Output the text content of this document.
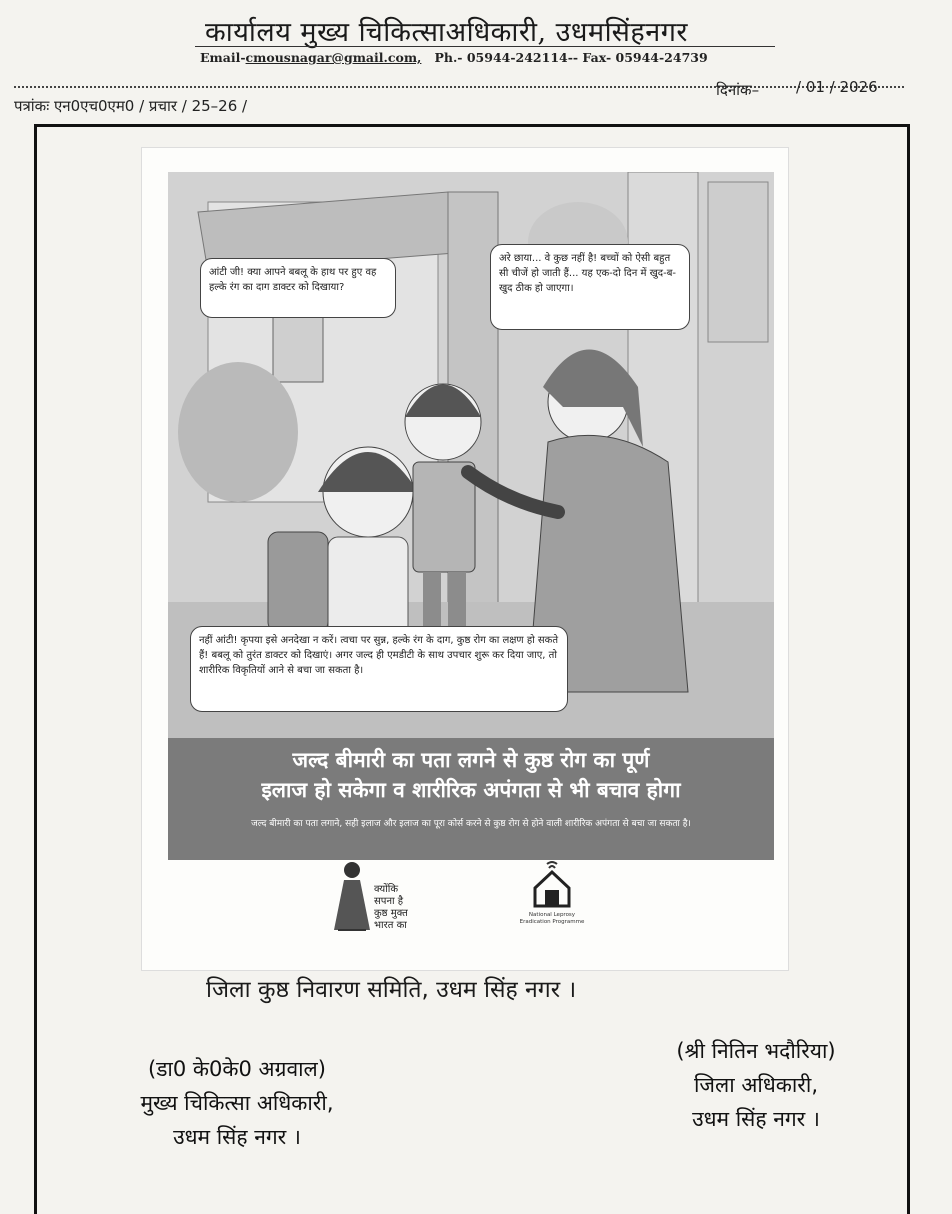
कार्यालय मुख्य चिकित्साअधिकारी, उधमसिंहनगर
Email-cmousnagar@gmail.com, Ph.- 05944-242114-- Fax- 05944-24739
पत्रांकः एन0एच0एम0 / प्रचार / 25–26 /
दिनांक– / 01 / 2026
आंटी जी! क्या आपने बबलू के हाथ पर हुए वह हल्के रंग का दाग डाक्टर को दिखाया?
अरे छाया... वे कुछ नहीं है! बच्चों को ऐसी बहुत सी चीजें हो जाती हैं... यह एक-दो दिन में खुद-ब-खुद ठीक हो जाएगा।
नहीं आंटी! कृपया इसे अनदेखा न करें। त्वचा पर सुन्न, हल्के रंग के दाग, कुष्ठ रोग का लक्षण हो सकते हैं! बबलू को तुरंत डाक्टर को दिखाएं। अगर जल्द ही एमडीटी के साथ उपचार शुरू कर दिया जाए, तो शारीरिक विकृतियों आने से बचा जा सकता है।
जल्द बीमारी का पता लगने से कुष्ठ रोग का पूर्ण
इलाज हो सकेगा व शारीरिक अपंगता से भी बचाव होगा
जल्द बीमारी का पता लगाने, सही इलाज और इलाज का पूरा कोर्स करने से कुष्ठ रोग से होने वाली शारीरिक अपंगता से बचा जा सकता है।
क्योंकि
सपना है
कुष्ठ मुक्त
भारत का
National Leprosy
Eradication Programme
जिला कुष्ठ निवारण समिति, उधम सिंह नगर ।
(डा0 के0के0 अग्रवाल)
मुख्य चिकित्सा अधिकारी,
उधम सिंह नगर ।
(श्री नितिन भदौरिया)
जिला अधिकारी,
उधम सिंह नगर ।
